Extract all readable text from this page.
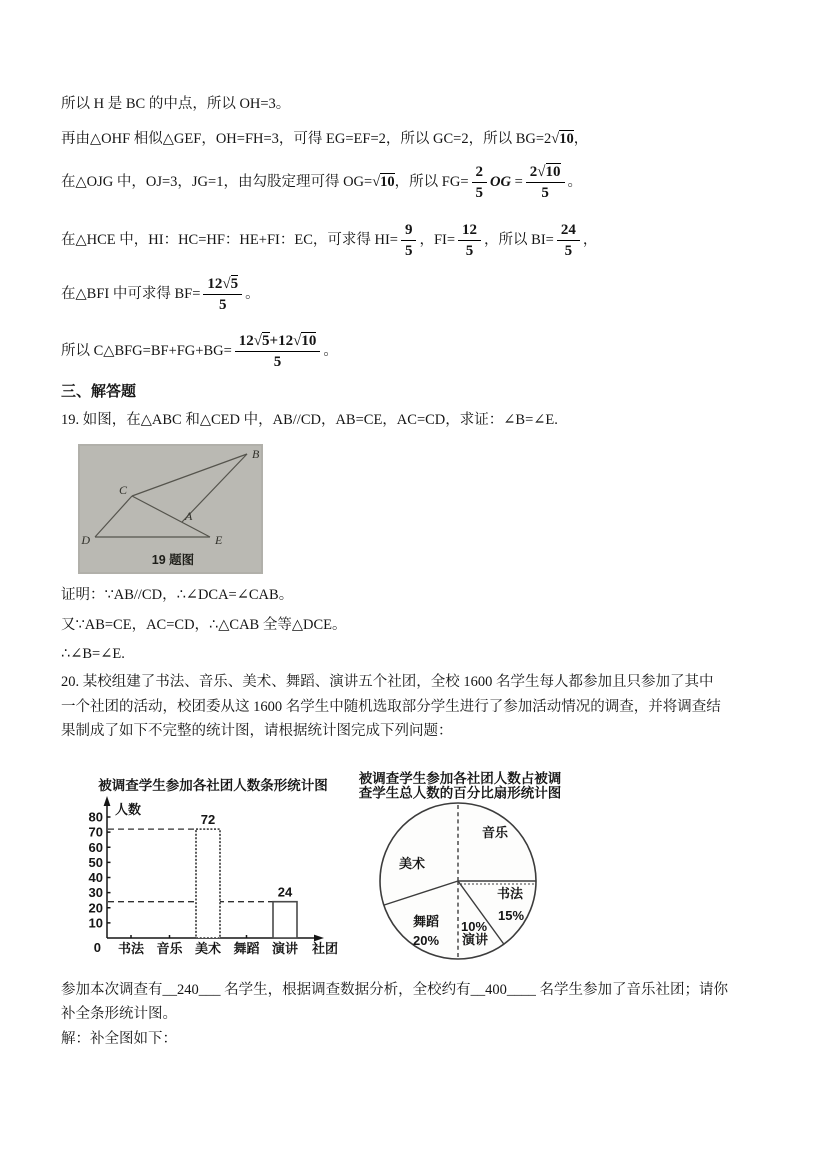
所以 H 是 BC 的中点，所以 OH=3。
再由△OHF 相似△GEF，OH=FH=3，可得 EG=EF=2，所以 GC=2，所以 BG=2√10，
在△OJG 中，OJ=3，JG=1，由勾股定理可得 OG=√10，所以 $FG= \frac{2}{5}$ OG = $\frac{2√10}{5}$ 。
在△HCE 中，HI：HC=HF：HE+FI：EC，可求得 $HI= \frac{9}{5}$ ，$FI= \frac{12}{5}$ ，所以 $BI= \frac{24}{5}$ ，
在△BFI 中可求得 $BF= \frac{12√5}{5}$ 。
所以 C△BFG=BF+FG+BG= $\frac{12√5+12√10}{5}$ 。
三、解答题
19. 如图，在△ABC 和△CED 中，AB//CD，AB=CE，AC=CD，求证：∠B=∠E.
B
C
A
D	E
19 题图
证明：∵AB//CD，∴∠DCA=∠CAB。
又∵AB=CE，AC=CD，∴△CAB 全等△DCE。
∴∠B=∠E.
20. 某校组建了书法、音乐、美术、舞蹈、演讲五个社团，全校 1600 名学生每人都参加且只参加了其中
一个社团的活动，校团委从这 1600 名学生中随机选取部分学生进行了参加活动情况的调查，并将调查结
果制成了如下不完整的统计图，请根据统计图完成下列问题：
被调查学生参加各社团人数条形统计图
人数
社团
10
20
30
40
50
60
70
80
0 书法 音乐 美术 舞蹈 演讲
72
24
被调查学生参加各社团人数占被调
查学生总人数的百分比扇形统计图
音乐
书法
15%
10%
演讲
舞蹈
20%
美术
参加本次调查有__240___ 名学生，根据调查数据分析，全校约有__400____ 名学生参加了音乐社团；请你
补全条形统计图。
解：补全图如下：
